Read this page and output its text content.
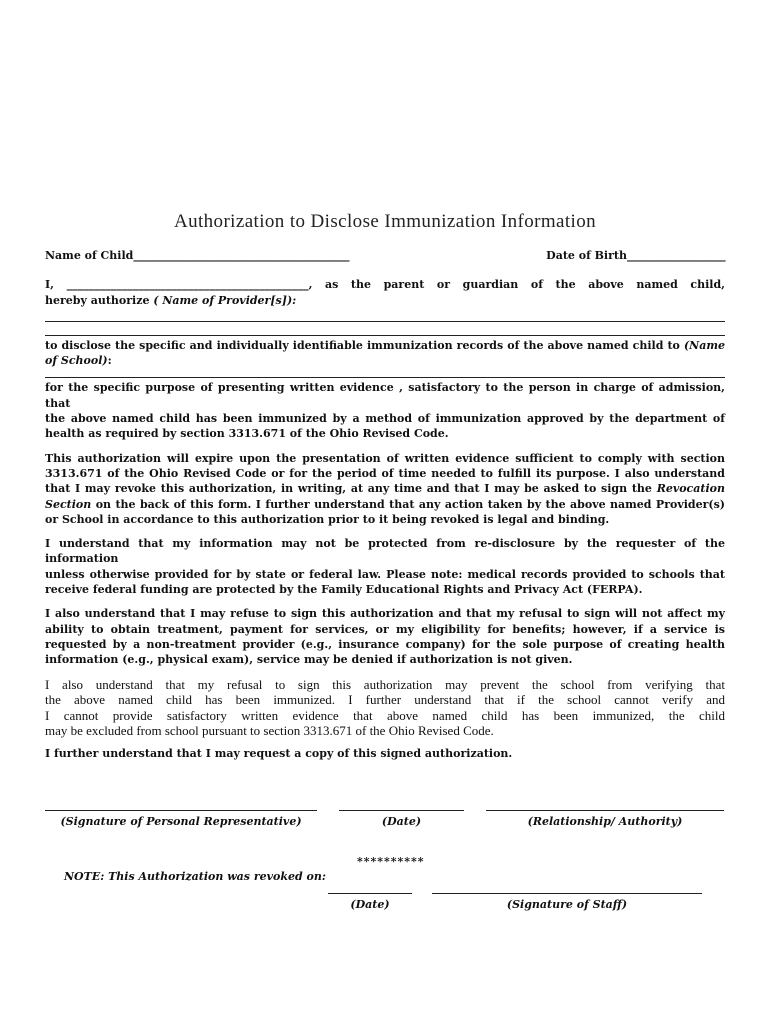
Authorization to Disclose Immunization Information
Name of Child____________________________________________	Date of Birth____________________
I, ____________________________________________, as the parent or guardian of the above named child,
hereby authorize ( Name of Provider[s]):
to disclose the specific and individually identifiable immunization records of the above named child to (Name
of School):
for the specific purpose of presenting written evidence , satisfactory to the person in charge of admission, that
the above named child has been immunized by a method of immunization approved by the department of
health as required by section 3313.671 of the Ohio Revised Code.
This authorization will expire upon the presentation of written evidence sufficient to comply with section
3313.671 of the Ohio Revised Code or for the period of time needed to fulfill its purpose. I also understand
that I may revoke this authorization, in writing, at any time and that I may be asked to sign the Revocation
Section on the back of this form. I further understand that any action taken by the above named Provider(s)
or School in accordance to this authorization prior to it being revoked is legal and binding.
I understand that my information may not be protected from re-disclosure by the requester of the information
unless otherwise provided for by state or federal law. Please note: medical records provided to schools that
receive federal funding are protected by the Family Educational Rights and Privacy Act (FERPA).
I also understand that I may refuse to sign this authorization and that my refusal to sign will not affect my
ability to obtain treatment, payment for services, or my eligibility for benefits; however, if a service is
requested by a non-treatment provider (e.g., insurance company) for the sole purpose of creating health
information (e.g., physical exam), service may be denied if authorization is not given.
I also understand that my refusal to sign this authorization may prevent the school from verifying that
the above named child has been immunized. I further understand that if the school cannot verify and
I cannot provide satisfactory written evidence that above named child has been immunized, the child
may be excluded from school pursuant to section 3313.671 of the Ohio Revised Code.
I further understand that I may request a copy of this signed authorization.
(Signature of Personal Representative)	(Date)	(Relationship/ Authority)
**********
NOTE: This Authorization was revoked on:
(Date)	(Signature of Staff)
